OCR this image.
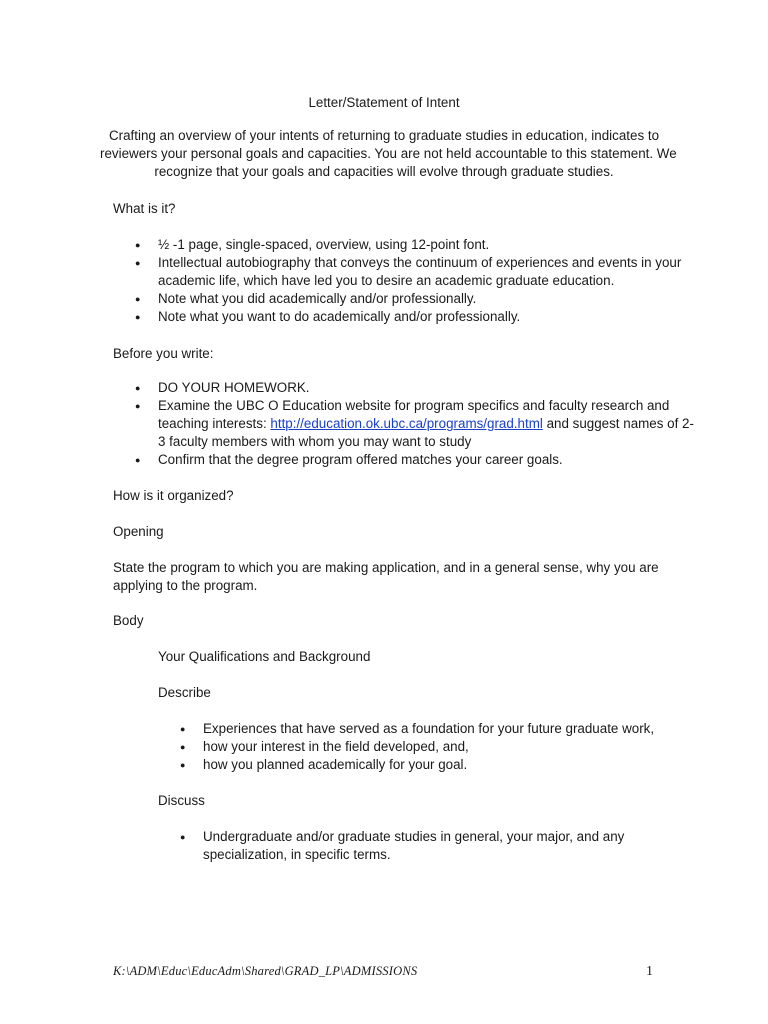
Letter/Statement of Intent
Crafting an overview of your intents of returning to graduate studies in education, indicates to
reviewers your personal goals and capacities. You are not held accountable to this statement. We
recognize that your goals and capacities will evolve through graduate studies.
What is it?
● ½ -1 page, single-spaced, overview, using 12-point font.
● Intellectual autobiography that conveys the continuum of experiences and events in your
academic life, which have led you to desire an academic graduate education.
● Note what you did academically and/or professionally.
● Note what you want to do academically and/or professionally.
Before you write:
● DO YOUR HOMEWORK.
● Examine the UBC O Education website for program specifics and faculty research and
teaching interests: http://education.ok.ubc.ca/programs/grad.html and suggest names of 2-
3 faculty members with whom you may want to study
● Confirm that the degree program offered matches your career goals.
How is it organized?
Opening
State the program to which you are making application, and in a general sense, why you are
applying to the program.
Body
Your Qualifications and Background
Describe
● Experiences that have served as a foundation for your future graduate work,
● how your interest in the field developed, and,
● how you planned academically for your goal.
Discuss
● Undergraduate and/or graduate studies in general, your major, and any
specialization, in specific terms.
K:\ADM\Educ\EducAdm\Shared\GRAD_LP\ADMISSIONS	1
